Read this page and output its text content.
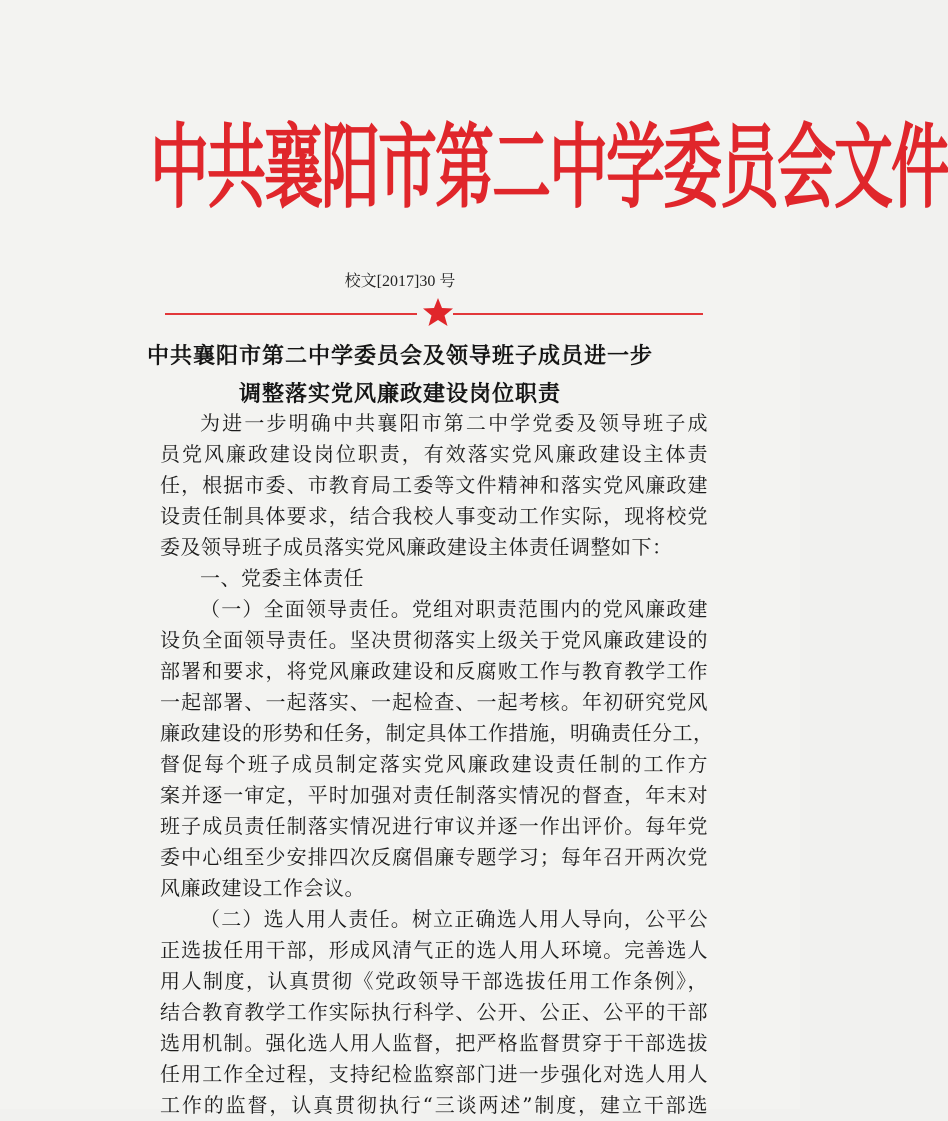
中共襄阳市第二中学委员会文件
校文[2017]30 号
中共襄阳市第二中学委员会及领导班子成员进一步
调整落实党风廉政建设岗位职责
为进一步明确中共襄阳市第二中学党委及领导班子成
员党风廉政建设岗位职责，有效落实党风廉政建设主体责
任，根据市委、市教育局工委等文件精神和落实党风廉政建
设责任制具体要求，结合我校人事变动工作实际，现将校党
委及领导班子成员落实党风廉政建设主体责任调整如下：
一、党委主体责任
（一）全面领导责任。党组对职责范围内的党风廉政建
设负全面领导责任。坚决贯彻落实上级关于党风廉政建设的
部署和要求，将党风廉政建设和反腐败工作与教育教学工作
一起部署、一起落实、一起检查、一起考核。年初研究党风
廉政建设的形势和任务，制定具体工作措施，明确责任分工，
督促每个班子成员制定落实党风廉政建设责任制的工作方
案并逐一审定，平时加强对责任制落实情况的督查，年末对
班子成员责任制落实情况进行审议并逐一作出评价。每年党
委中心组至少安排四次反腐倡廉专题学习；每年召开两次党
风廉政建设工作会议。
（二）选人用人责任。树立正确选人用人导向，公平公
正选拔任用干部，形成风清气正的选人用人环境。完善选人
用人制度，认真贯彻《党政领导干部选拔任用工作条例》，
结合教育教学工作实际执行科学、公开、公正、公平的干部
选用机制。强化选人用人监督，把严格监督贯穿于干部选拔
任用工作全过程，支持纪检监察部门进一步强化对选人用人
工作的监督，认真贯彻执行“三谈两述”制度，建立干部选
